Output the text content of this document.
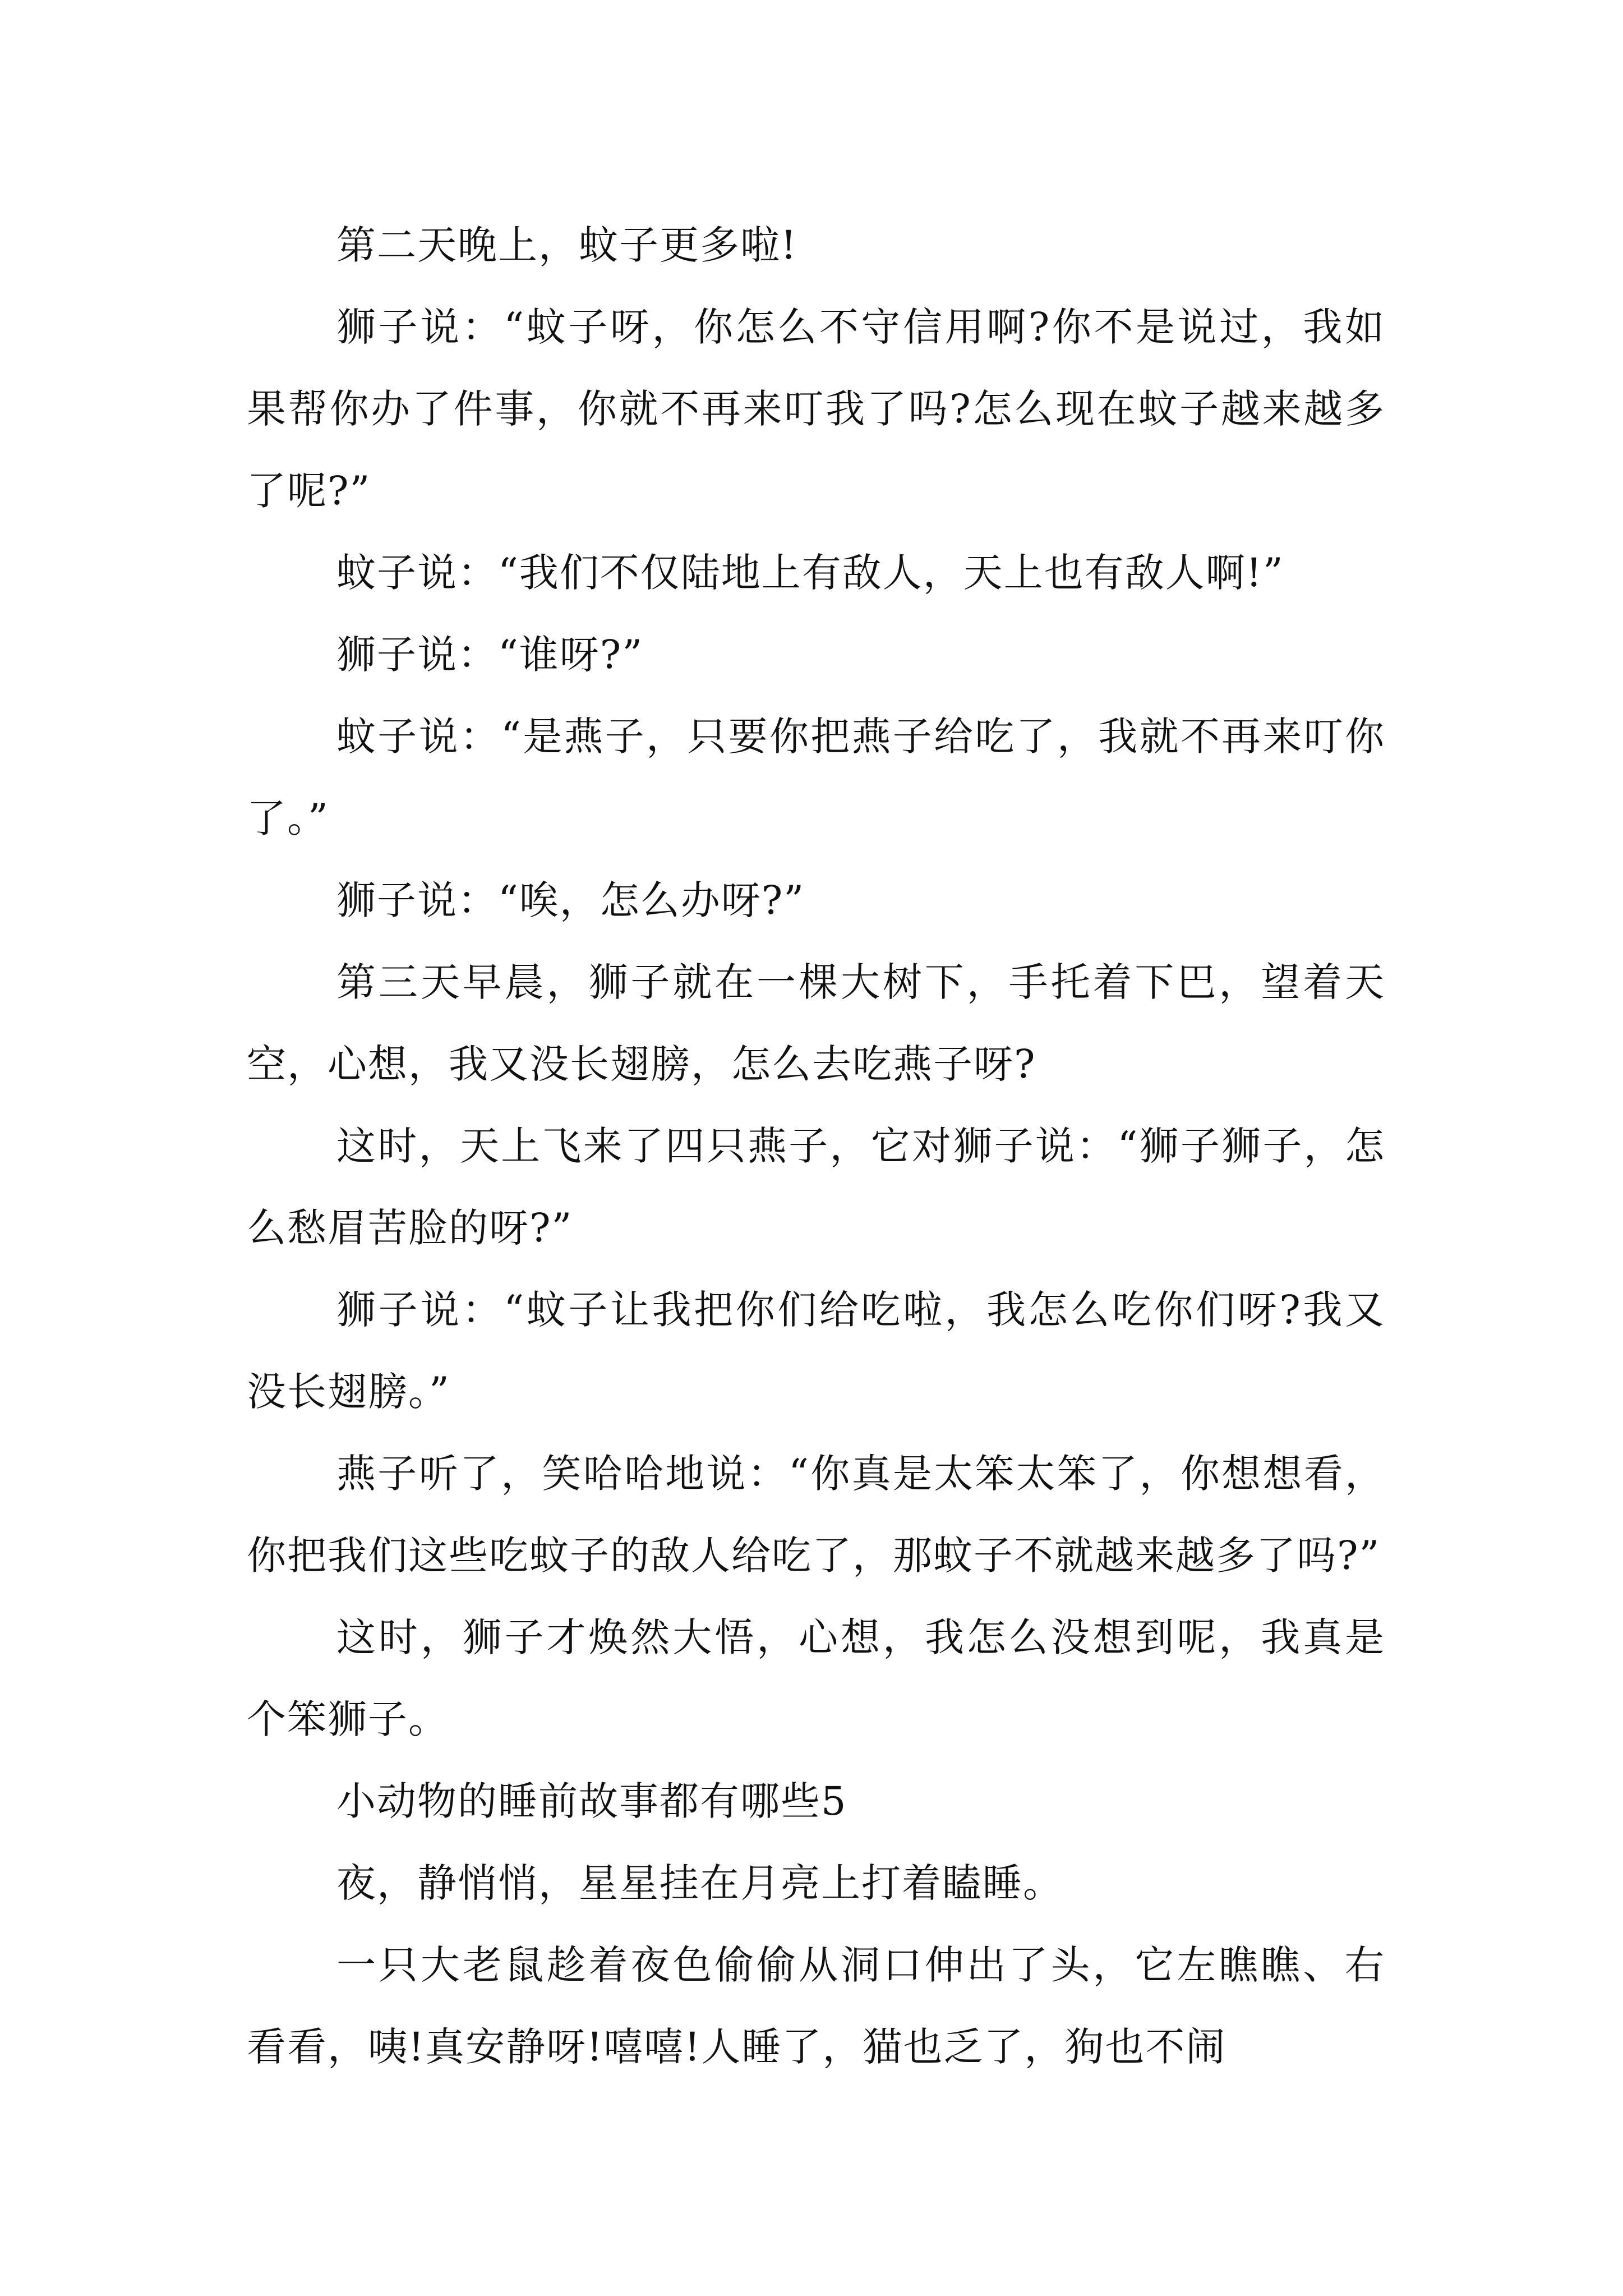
第二天晚上，蚊子更多啦!

狮子说：“蚊子呀，你怎么不守信用啊?你不是说过，我如果帮你办了件事，你就不再来叮我了吗?怎么现在蚊子越来越多了呢?”

蚊子说：“我们不仅陆地上有敌人，天上也有敌人啊!”

狮子说：“谁呀?”

蚊子说：“是燕子，只要你把燕子给吃了，我就不再来叮你了。”

狮子说：“唉，怎么办呀?”

第三天早晨，狮子就在一棵大树下，手托着下巴，望着天空，心想，我又没长翅膀，怎么去吃燕子呀?

这时，天上飞来了四只燕子，它对狮子说：“狮子狮子，怎么愁眉苦脸的呀?”

狮子说：“蚊子让我把你们给吃啦，我怎么吃你们呀?我又没长翅膀。”

燕子听了，笑哈哈地说：“你真是太笨太笨了，你想想看，你把我们这些吃蚊子的敌人给吃了，那蚊子不就越来越多了吗?”

这时，狮子才焕然大悟，心想，我怎么没想到呢，我真是个笨狮子。

小动物的睡前故事都有哪些5

夜，静悄悄，星星挂在月亮上打着瞌睡。

一只大老鼠趁着夜色偷偷从洞口伸出了头，它左瞧瞧、右看看，咦!真安静呀!嘻嘻!人睡了，猫也乏了，狗也不闹
